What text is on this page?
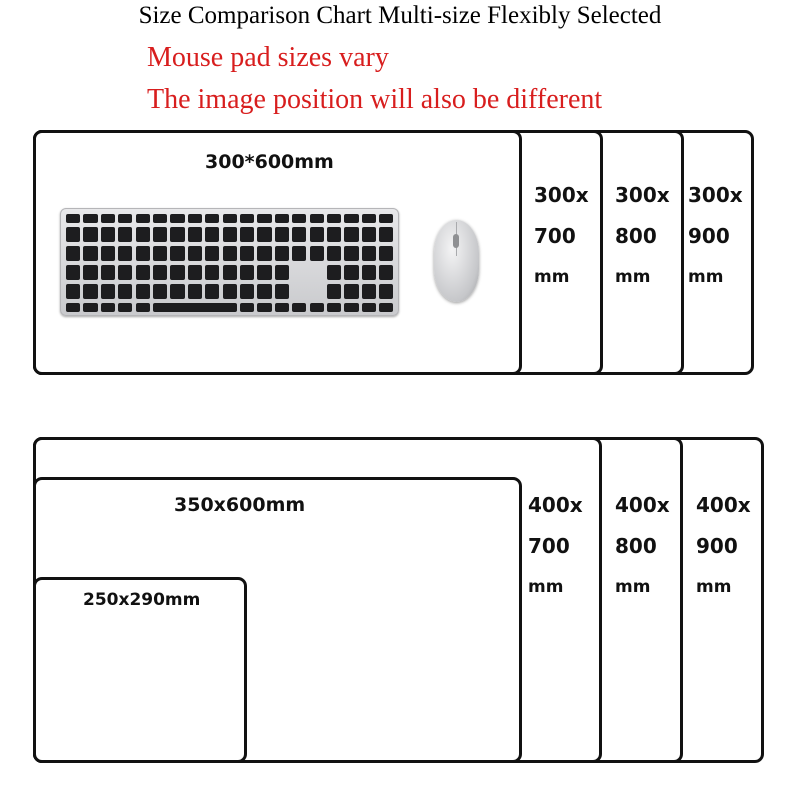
Size Comparison Chart Multi-size Flexibly Selected
Mouse pad sizes vary
The image position will also be different
300*600mm
300x
700
mm
300x
800
mm
300x
900
mm
350x600mm
250x290mm
400x
700
mm
400x
800
mm
400x
900
mm
